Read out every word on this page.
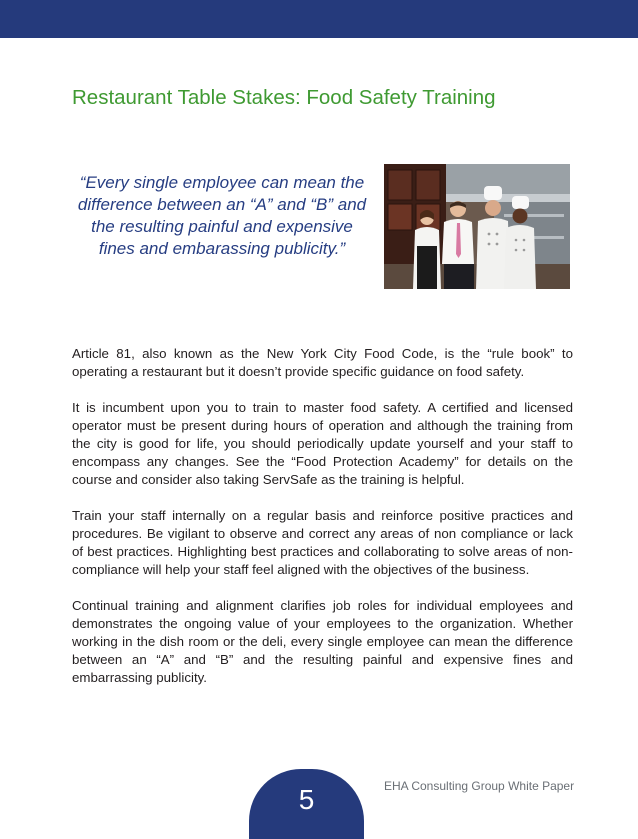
Restaurant Table Stakes: Food Safety Training

“Every single employee can mean the difference between an “A” and “B” and the resulting painful and expensive fines and embarassing publicity.”

Article 81, also known as the New York City Food Code, is the “rule book” to operating a restaurant but it doesn’t provide specific guidance on food safety.

It is incumbent upon you to train to master food safety. A certified and licensed operator must be present during hours of operation and although the training from the city is good for life, you should periodically update yourself and your staff to encompass any changes. See the “Food Protection Academy” for details on the course and consider also taking ServSafe as the training is helpful.

Train your staff internally on a regular basis and reinforce positive practices and procedures. Be vigilant to observe and correct any areas of non compliance or lack of best practices. Highlighting best practices and collaborating to solve areas of non-compliance will help your staff feel aligned with the objectives of the business.

Continual training and alignment clarifies job roles for individual employees and demonstrates the ongoing value of your employees to the organization. Whether working in the dish room or the deli, every single employee can mean the difference between an “A” and “B” and the resulting painful and expensive fines and embarrassing publicity.

5	EHA Consulting Group White Paper
